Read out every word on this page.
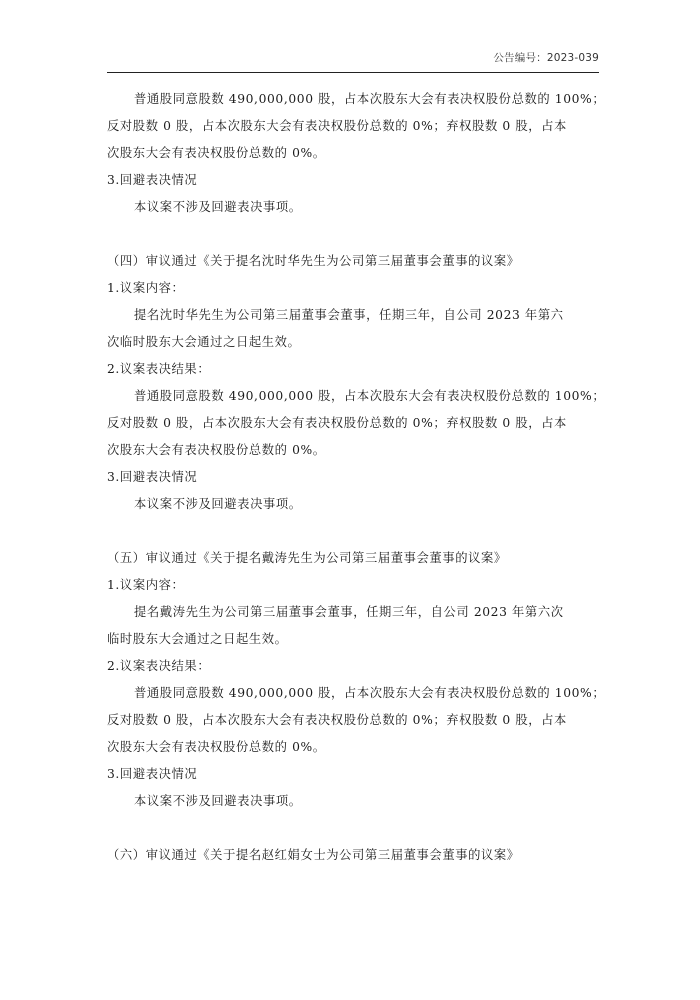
公告编号：2023-039

普通股同意股数 490,000,000 股，占本次股东大会有表决权股份总数的 100%；

反对股数 0 股，占本次股东大会有表决权股份总数的 0%；弃权股数 0 股，占本

次股东大会有表决权股份总数的 0%。

3.回避表决情况

本议案不涉及回避表决事项。

（四）审议通过《关于提名沈时华先生为公司第三届董事会董事的议案》

1.议案内容：

提名沈时华先生为公司第三届董事会董事，任期三年，自公司 2023 年第六

次临时股东大会通过之日起生效。

2.议案表决结果：

普通股同意股数 490,000,000 股，占本次股东大会有表决权股份总数的 100%；

反对股数 0 股，占本次股东大会有表决权股份总数的 0%；弃权股数 0 股，占本

次股东大会有表决权股份总数的 0%。

3.回避表决情况

本议案不涉及回避表决事项。

（五）审议通过《关于提名戴涛先生为公司第三届董事会董事的议案》

1.议案内容：

提名戴涛先生为公司第三届董事会董事，任期三年，自公司 2023 年第六次

临时股东大会通过之日起生效。

2.议案表决结果：

普通股同意股数 490,000,000 股，占本次股东大会有表决权股份总数的 100%；

反对股数 0 股，占本次股东大会有表决权股份总数的 0%；弃权股数 0 股，占本

次股东大会有表决权股份总数的 0%。

3.回避表决情况

本议案不涉及回避表决事项。

（六）审议通过《关于提名赵红娟女士为公司第三届董事会董事的议案》
